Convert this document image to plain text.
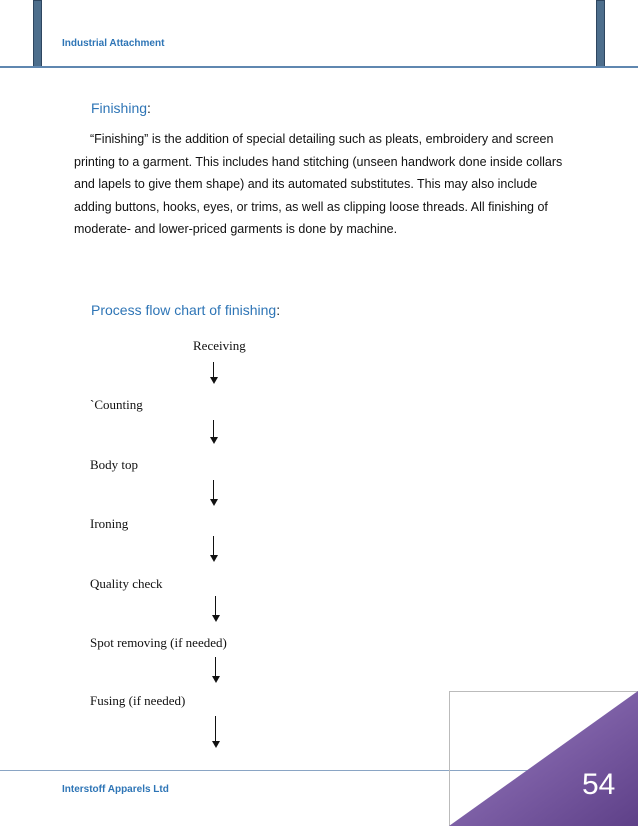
Industrial Attachment
Finishing:
“Finishing” is the addition of special detailing such as pleats, embroidery and screen printing to a garment. This includes hand stitching (unseen handwork done inside collars and lapels to give them shape) and its automated substitutes. This may also include adding buttons, hooks, eyes, or trims, as well as clipping loose threads. All finishing of moderate- and lower-priced garments is done by machine.
Process flow chart of finishing:
Receiving
`Counting
Body top
Ironing
Quality check
Spot removing (if needed)
Fusing (if needed)
Interstoff Apparels Ltd	54
